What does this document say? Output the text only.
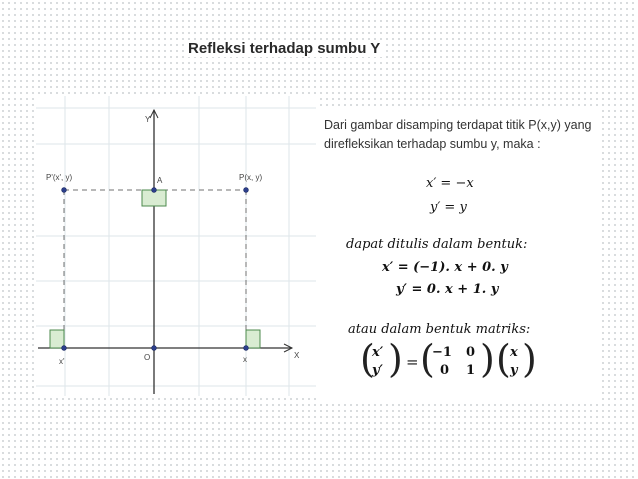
Refleksi terhadap sumbu Y
Y
X
O
A
P'(x', y)	P(x, y)
x'	x
Dari gambar disamping terdapat titik P(x,y) yang direfleksikan terhadap sumbu y, maka :
x′ = −x
y′ = y
dapat ditulis dalam bentuk:
x′ = (−1). x + 0. y
y′ = 0. x + 1. y
atau dalam bentuk matriks:
(
x′
y′ ) = (
−1 0
0 1 ) ( x
y )
